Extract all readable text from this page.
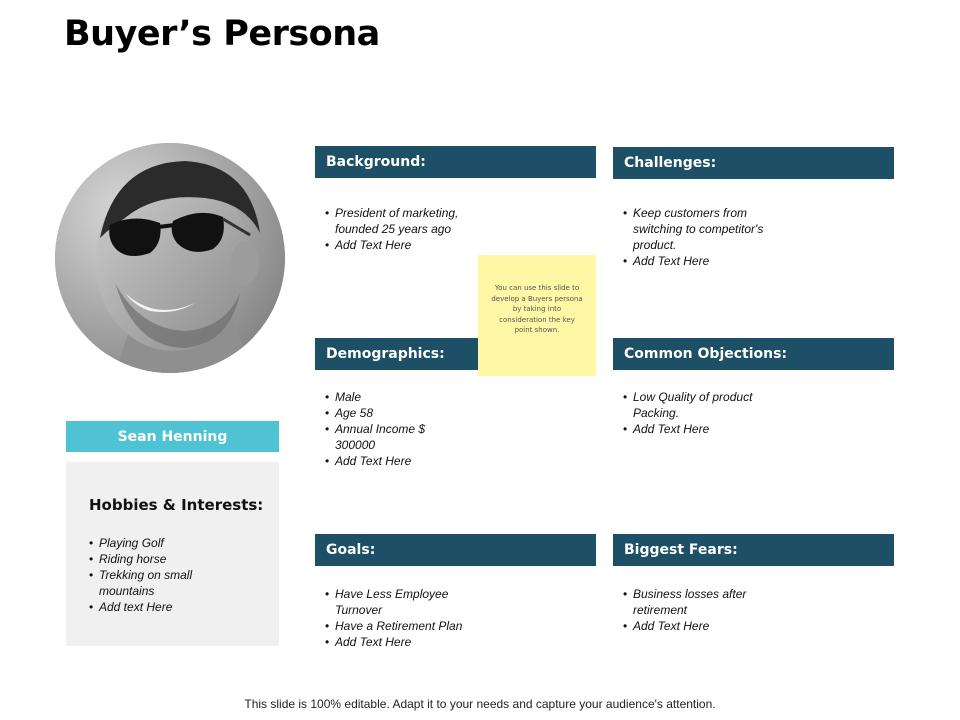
Buyer’s Persona
Sean Henning
Hobbies & Interests:
• Playing Golf
• Riding horse
• Trekking on small mountains
• Add text Here
Background:
• President of marketing, founded 25 years ago
• Add Text Here
Challenges:
• Keep customers from switching to competitor's product.
• Add Text Here
Demographics:
• Male
• Age 58
• Annual Income $ 300000
• Add Text Here
Common Objections:
• Low Quality of product Packing.
• Add Text Here
Goals:
• Have Less Employee Turnover
• Have a Retirement Plan
• Add Text Here
Biggest Fears:
• Business losses after retirement
• Add Text Here
You can use this slide to develop a Buyers persona by taking into consideration the key point shown.
This slide is 100% editable. Adapt it to your needs and capture your audience's attention.
